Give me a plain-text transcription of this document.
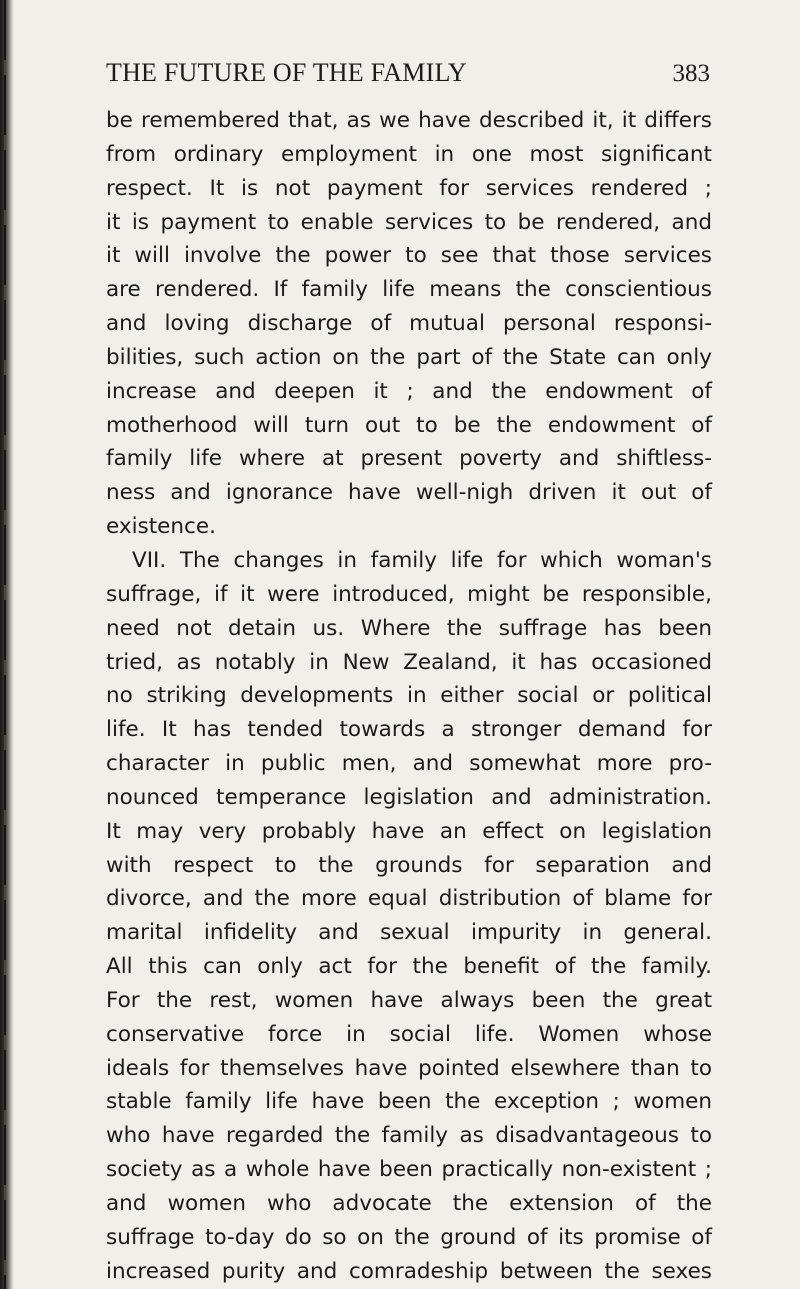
THE FUTURE OF THE FAMILY	383
be remembered that, as we have described it, it differs
from ordinary employment in one most significant
respect. It is not payment for services rendered ;
it is payment to enable services to be rendered, and
it will involve the power to see that those services
are rendered. If family life means the conscientious
and loving discharge of mutual personal responsi-
bilities, such action on the part of the State can only
increase and deepen it ; and the endowment of
motherhood will turn out to be the endowment of
family life where at present poverty and shiftless-
ness and ignorance have well-nigh driven it out of
existence.
VII. The changes in family life for which woman's
suffrage, if it were introduced, might be responsible,
need not detain us. Where the suffrage has been
tried, as notably in New Zealand, it has occasioned
no striking developments in either social or political
life. It has tended towards a stronger demand for
character in public men, and somewhat more pro-
nounced temperance legislation and administration.
It may very probably have an effect on legislation
with respect to the grounds for separation and
divorce, and the more equal distribution of blame for
marital infidelity and sexual impurity in general.
All this can only act for the benefit of the family.
For the rest, women have always been the great
conservative force in social life. Women whose
ideals for themselves have pointed elsewhere than to
stable family life have been the exception ; women
who have regarded the family as disadvantageous to
society as a whole have been practically non-existent ;
and women who advocate the extension of the
suffrage to-day do so on the ground of its promise of
increased purity and comradeship between the sexes
